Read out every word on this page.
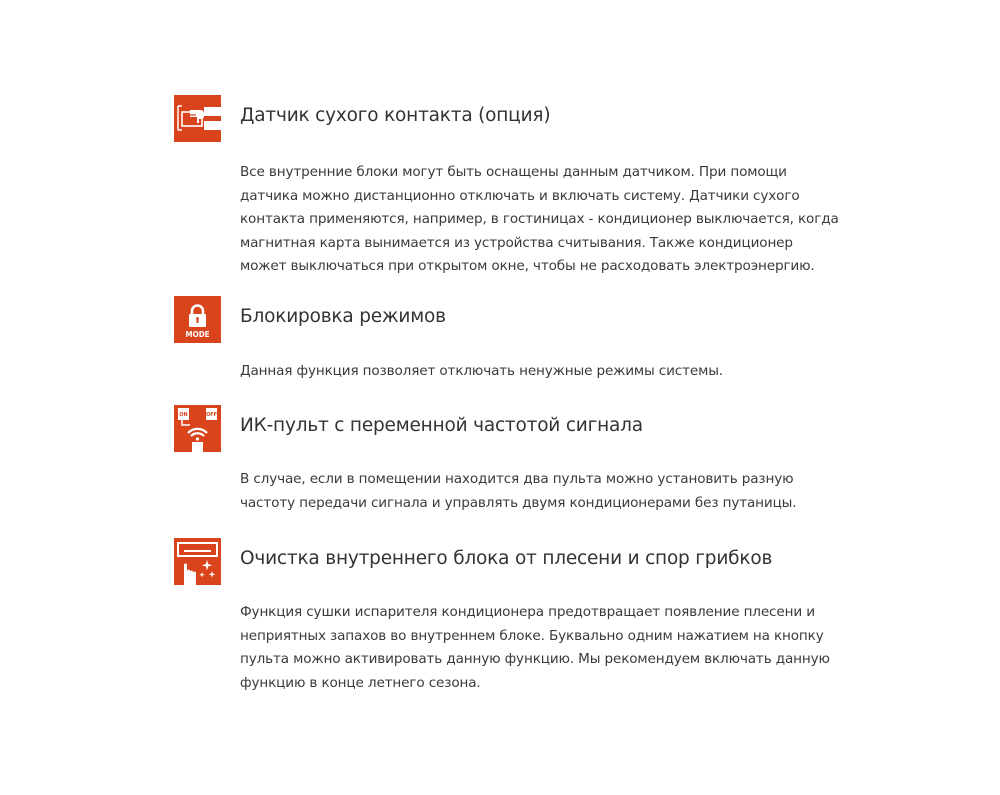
Датчик сухого контакта (опция)
Все внутренние блоки могут быть оснащены данным датчиком. При помощи
датчика можно дистанционно отключать и включать систему. Датчики сухого
контакта применяются, например, в гостиницах - кондиционер выключается, когда
магнитная карта вынимается из устройства считывания. Также кондиционер
может выключаться при открытом окне, чтобы не расходовать электроэнергию.
MODE
Блокировка режимов
Данная функция позволяет отключать ненужные режимы системы.
ON	OFF ИК-пульт с переменной частотой сигнала
В случае, если в помещении находится два пульта можно установить разную
частоту передачи сигнала и управлять двумя кондиционерами без путаницы.
Очистка внутреннего блока от плесени и спор грибков
Функция сушки испарителя кондиционера предотвращает появление плесени и
неприятных запахов во внутреннем блоке. Буквально одним нажатием на кнопку
пульта можно активировать данную функцию. Мы рекомендуем включать данную
функцию в конце летнего сезона.
